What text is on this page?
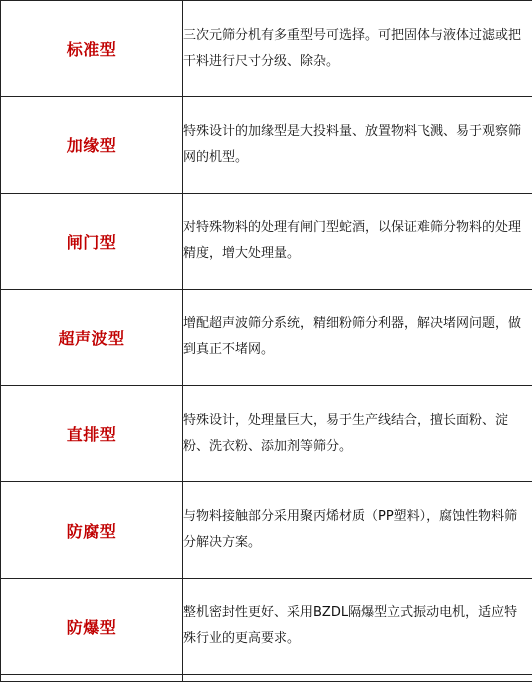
标准型	三次元筛分机有多重型号可选择。可把固体与液体过滤或把干料进行尺寸分级、除杂。

加缘型	特殊设计的加缘型是大投料量、放置物料飞溅、易于观察筛网的机型。

闸门型	对特殊物料的处理有闸门型蛇酒，以保证难筛分物料的处理精度，增大处理量。

超声波型	增配超声波筛分系统，精细粉筛分利器，解决堵网问题，做到真正不堵网。

直排型	特殊设计，处理量巨大，易于生产线结合，擅长面粉、淀粉、洗衣粉、添加剂等筛分。

防腐型	与物料接触部分采用聚丙烯材质（PP塑料），腐蚀性物料筛分解决方案。

防爆型	整机密封性更好、采用BZDL隔爆型立式振动电机，适应特殊行业的更高要求。
